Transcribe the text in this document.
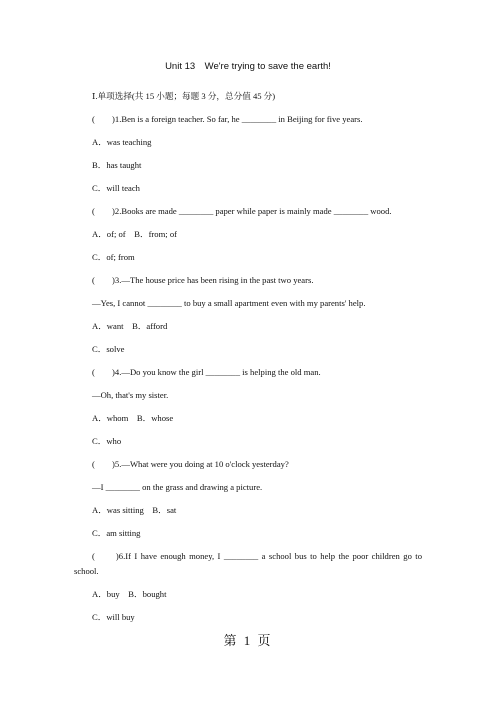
Unit 13　We're trying to save the earth!
Ⅰ.单项选择(共 15 小题；每题 3 分，总分值 45 分)
(　　)1.Ben is a foreign teacher. So far, he ________ in Beijing for five years.
A．was teaching
B．has taught
C．will teach
(　　)2.Books are made ________ paper while paper is mainly made ________ wood.
A．of; of　B．from; of
C．of; from
(　　)3.—The house price has been rising in the past two years.
—Yes, I cannot ________ to buy a small apartment even with my parents' help.
A．want　B．afford
C．solve
(　　)4.—Do you know the girl ________ is helping the old man.
—Oh, that's my sister.
A．whom　B．whose
C．who
(　　)5.—What were you doing at 10 o'clock yesterday?
—I ________ on the grass and drawing a picture.
A．was sitting　B．sat
C．am sitting
(　　)6.If I have enough money, I ________ a school bus to help the poor children go to
school.
A．buy　B．bought
C．will buy
第 1 页
